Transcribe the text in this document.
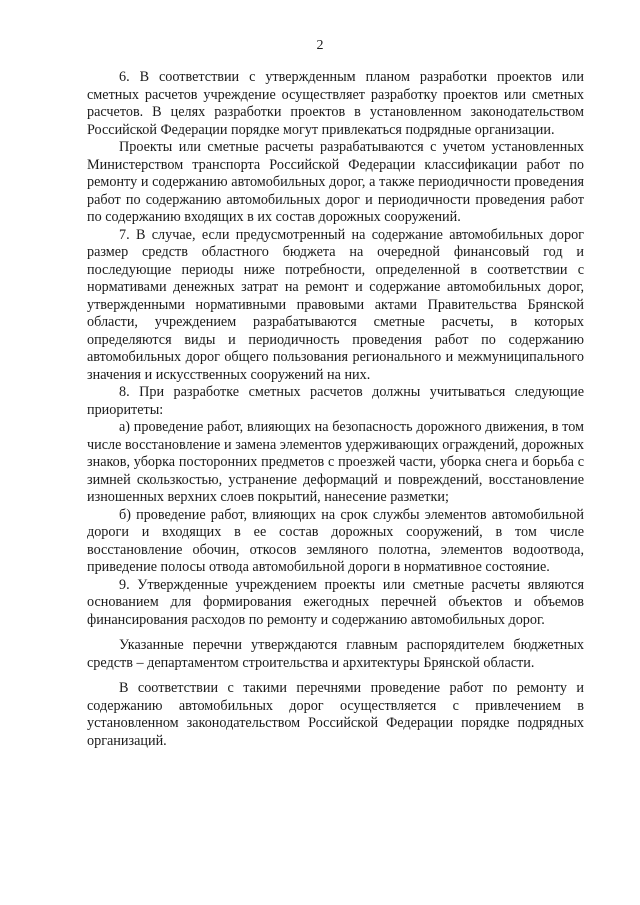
2

6. В соответствии с утвержденным планом разработки проектов или сметных расчетов учреждение осуществляет разработку проектов или сметных расчетов. В целях разработки проектов в установленном законодательством Российской Федерации порядке могут привлекаться подрядные организации.

Проекты или сметные расчеты разрабатываются с учетом установленных Министерством транспорта Российской Федерации классификации работ по ремонту и содержанию автомобильных дорог, а также периодичности проведения работ по содержанию автомобильных дорог и периодичности проведения работ по содержанию входящих в их состав дорожных сооружений.

7. В случае, если предусмотренный на содержание автомобильных дорог размер средств областного бюджета на очередной финансовый год и последующие периоды ниже потребности, определенной в соответствии с нормативами денежных затрат на ремонт и содержание автомобильных дорог, утвержденными нормативными правовыми актами Правительства Брянской области, учреждением разрабатываются сметные расчеты, в которых определяются виды и периодичность проведения работ по содержанию автомобильных дорог общего пользования регионального и межмуниципального значения и искусственных сооружений на них.

8. При разработке сметных расчетов должны учитываться следующие приоритеты:

а) проведение работ, влияющих на безопасность дорожного движения, в том числе восстановление и замена элементов удерживающих ограждений, дорожных знаков, уборка посторонних предметов с проезжей части, уборка снега и борьба с зимней скользкостью, устранение деформаций и повреждений, восстановление изношенных верхних слоев покрытий, нанесение разметки;

б) проведение работ, влияющих на срок службы элементов автомобильной дороги и входящих в ее состав дорожных сооружений, в том числе восстановление обочин, откосов земляного полотна, элементов водоотвода, приведение полосы отвода автомобильной дороги в нормативное состояние.

9. Утвержденные учреждением проекты или сметные расчеты являются основанием для формирования ежегодных перечней объектов и объемов финансирования расходов по ремонту и содержанию автомобильных дорог.

Указанные перечни утверждаются главным распорядителем бюджетных средств – департаментом строительства и архитектуры Брянской области.

В соответствии с такими перечнями проведение работ по ремонту и содержанию автомобильных дорог осуществляется с привлечением в установленном законодательством Российской Федерации порядке подрядных организаций.
